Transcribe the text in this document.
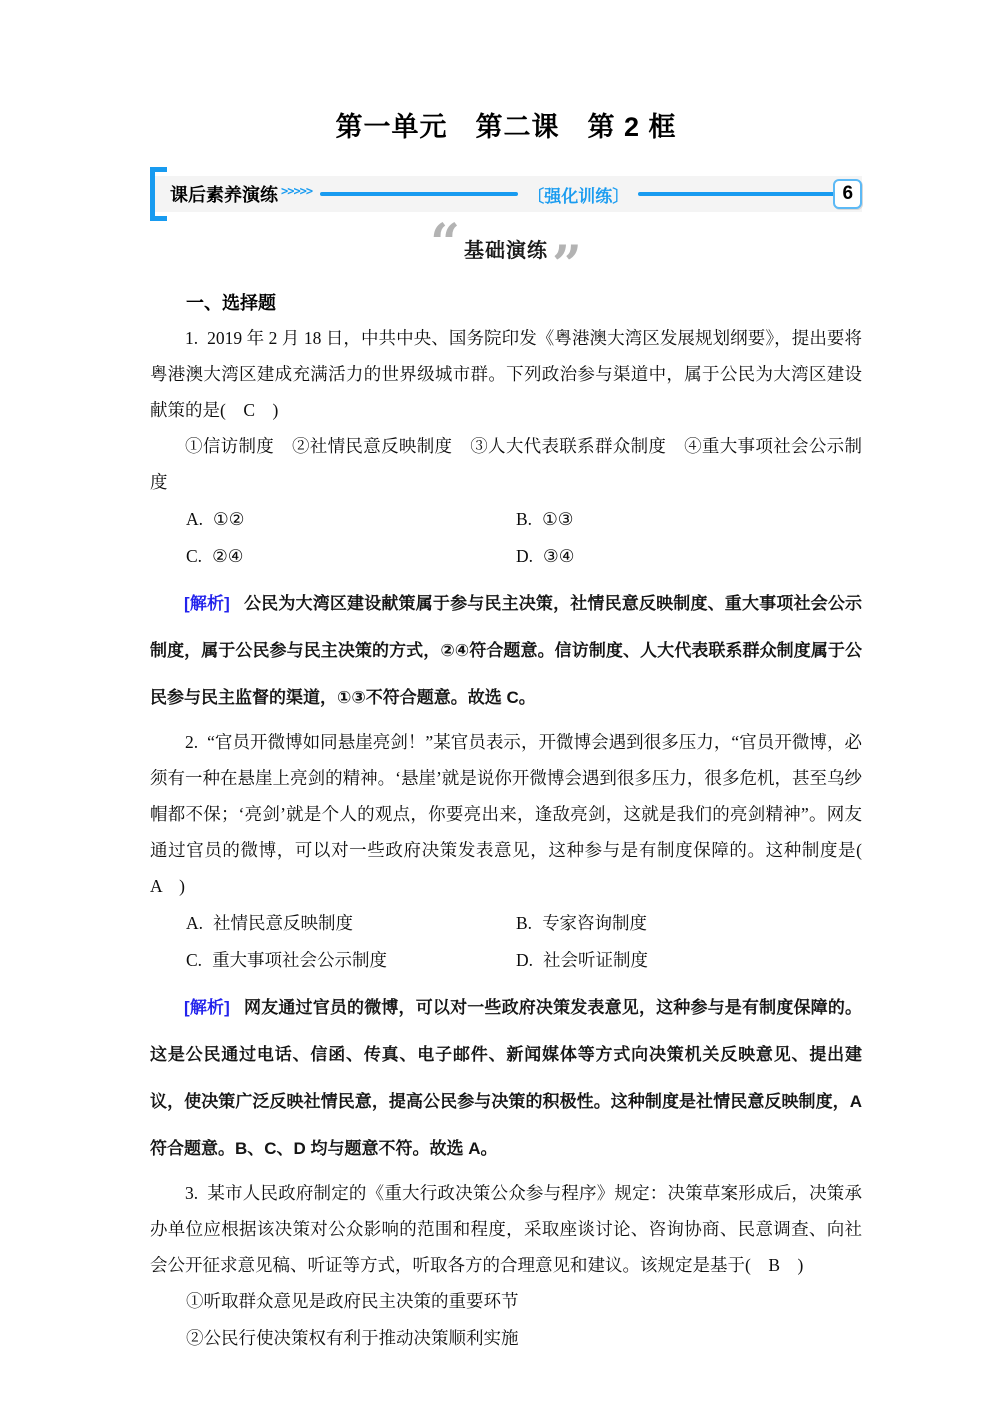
第一单元　第二课　第 2 框
课后素养演练 >>>>>	〔强化训练〕	6
“ 基础演练 ”
一、选择题

1. 2019 年 2 月 18 日，中共中央、国务院印发《粤港澳大湾区发展规划纲要》，提出要将粤港澳大湾区建成充满活力的世界级城市群。下列政治参与渠道中，属于公民为大湾区建设献策的是(　C　)

①信访制度　②社情民意反映制度　③人大代表联系群众制度　④重大事项社会公示制度

A. ①②	B. ①③
C. ②④	D. ③④

[解析] 公民为大湾区建设献策属于参与民主决策，社情民意反映制度、重大事项社会公示制度，属于公民参与民主决策的方式，②④符合题意。信访制度、人大代表联系群众制度属于公民参与民主监督的渠道，①③不符合题意。故选 C。

2. “官员开微博如同悬崖亮剑！”某官员表示，开微博会遇到很多压力，“官员开微博，必须有一种在悬崖上亮剑的精神。‘悬崖’就是说你开微博会遇到很多压力，很多危机，甚至乌纱帽都不保；‘亮剑’就是个人的观点，你要亮出来，逢敌亮剑，这就是我们的亮剑精神”。网友通过官员的微博，可以对一些政府决策发表意见，这种参与是有制度保障的。这种制度是(　A　)

A. 社情民意反映制度	B. 专家咨询制度
C. 重大事项社会公示制度	D. 社会听证制度

[解析] 网友通过官员的微博，可以对一些政府决策发表意见，这种参与是有制度保障的。这是公民通过电话、信函、传真、电子邮件、新闻媒体等方式向决策机关反映意见、提出建议，使决策广泛反映社情民意，提高公民参与决策的积极性。这种制度是社情民意反映制度，A 符合题意。B、C、D 均与题意不符。故选 A。

3. 某市人民政府制定的《重大行政决策公众参与程序》规定：决策草案形成后，决策承办单位应根据该决策对公众影响的范围和程度，采取座谈讨论、咨询协商、民意调查、向社会公开征求意见稿、听证等方式，听取各方的合理意见和建议。该规定是基于(　B　)

①听取群众意见是政府民主决策的重要环节

②公民行使决策权有利于推动决策顺利实施
